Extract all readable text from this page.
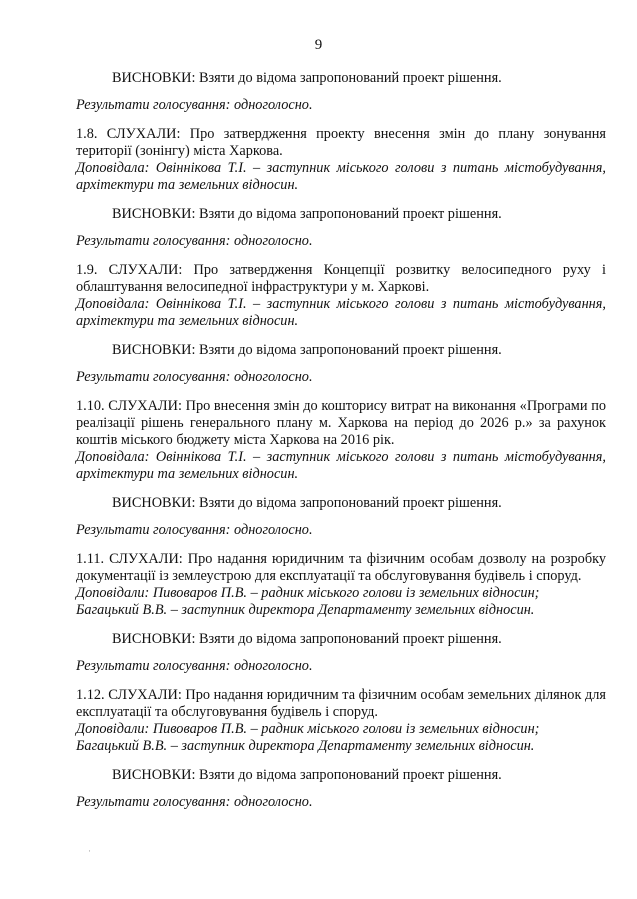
9

ВИСНОВКИ: Взяти до відома запропонований проект рішення.

Результати голосування: одноголосно.

1.8. СЛУХАЛИ: Про затвердження проекту внесення змін до плану зонування території (зонінгу) міста Харкова.

Доповідала: Овіннікова Т.І. – заступник міського голови з питань містобудування, архітектури та земельних відносин.

ВИСНОВКИ: Взяти до відома запропонований проект рішення.

Результати голосування: одноголосно.

1.9. СЛУХАЛИ: Про затвердження Концепції розвитку велосипедного руху і облаштування велосипедної інфраструктури у м. Харкові.

Доповідала: Овіннікова Т.І. – заступник міського голови з питань містобудування, архітектури та земельних відносин.

ВИСНОВКИ: Взяти до відома запропонований проект рішення.

Результати голосування: одноголосно.

1.10. СЛУХАЛИ: Про внесення змін до кошторису витрат на виконання «Програми по реалізації рішень генерального плану м. Харкова на період до 2026 р.» за рахунок коштів міського бюджету міста Харкова на 2016 рік.

Доповідала: Овіннікова Т.І. – заступник міського голови з питань містобудування, архітектури та земельних відносин.

ВИСНОВКИ: Взяти до відома запропонований проект рішення.

Результати голосування: одноголосно.

1.11. СЛУХАЛИ: Про надання юридичним та фізичним особам дозволу на розробку документації із землеустрою для експлуатації та обслуговування будівель і споруд.

Доповідали: Пивоваров П.В. – радник міського голови із земельних відносин;

Багацький В.В. – заступник директора Департаменту земельних відносин.

ВИСНОВКИ: Взяти до відома запропонований проект рішення.

Результати голосування: одноголосно.

1.12. СЛУХАЛИ: Про надання юридичним та фізичним особам земельних ділянок для експлуатації та обслуговування будівель і споруд.

Доповідали: Пивоваров П.В. – радник міського голови із земельних відносин;

Багацький В.В. – заступник директора Департаменту земельних відносин.

ВИСНОВКИ: Взяти до відома запропонований проект рішення.

Результати голосування: одноголосно.

·
